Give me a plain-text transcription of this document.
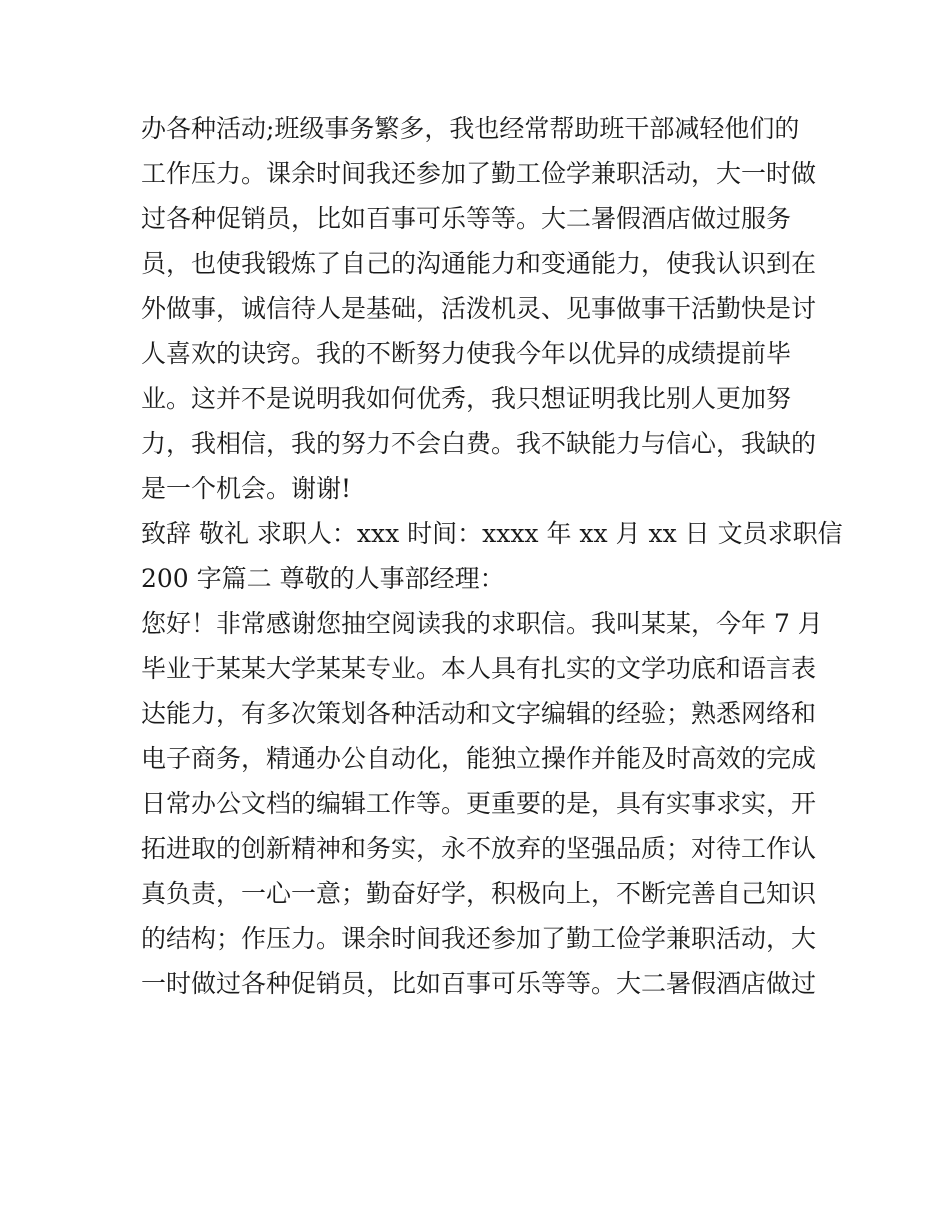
办各种活动;班级事务繁多，我也经常帮助班干部减轻他们的
工作压力。课余时间我还参加了勤工俭学兼职活动，大一时做
过各种促销员，比如百事可乐等等。大二暑假酒店做过服务
员，也使我锻炼了自己的沟通能力和变通能力，使我认识到在
外做事，诚信待人是基础，活泼机灵、见事做事干活勤快是讨
人喜欢的诀窍。我的不断努力使我今年以优异的成绩提前毕
业。这并不是说明我如何优秀，我只想证明我比别人更加努
力，我相信，我的努力不会白费。我不缺能力与信心，我缺的
是一个机会。谢谢!
致辞 敬礼 求职人：xxx 时间：xxxx 年 xx 月 xx 日 文员求职信
200 字篇二 尊敬的人事部经理：
您好！非常感谢您抽空阅读我的求职信。我叫某某，今年 7 月
毕业于某某大学某某专业。本人具有扎实的文学功底和语言表
达能力，有多次策划各种活动和文字编辑的经验；熟悉网络和
电子商务，精通办公自动化，能独立操作并能及时高效的完成
日常办公文档的编辑工作等。更重要的是，具有实事求实，开
拓进取的创新精神和务实，永不放弃的坚强品质；对待工作认
真负责，一心一意；勤奋好学，积极向上，不断完善自己知识
的结构；作压力。课余时间我还参加了勤工俭学兼职活动，大
一时做过各种促销员，比如百事可乐等等。大二暑假酒店做过
